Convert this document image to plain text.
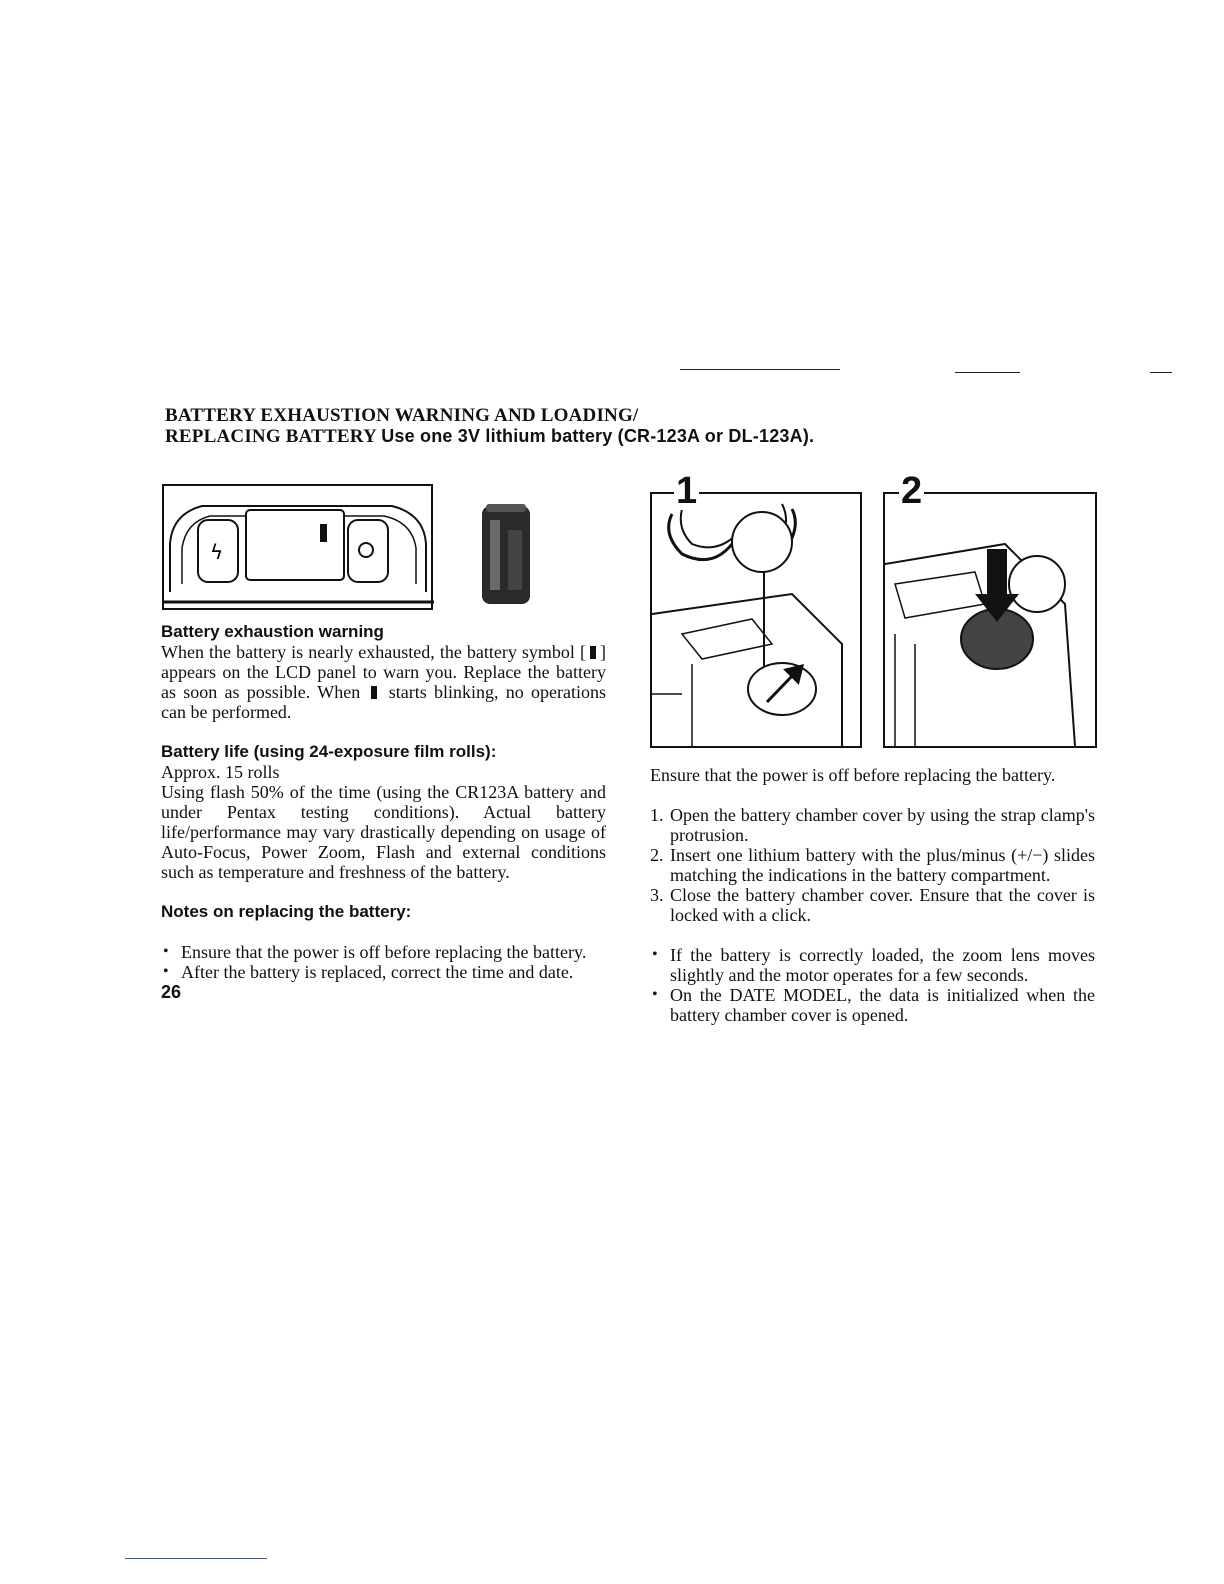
BATTERY EXHAUSTION WARNING AND LOADING/
REPLACING BATTERY Use one 3V lithium battery (CR-123A or DL-123A).
ϟ

Battery exhaustion warning

When the battery is nearly exhausted, the battery symbol [ ] appears on the LCD panel to warn you. Replace the battery as soon as possible. When starts blinking, no operations can be performed.

Battery life (using 24-exposure film rolls):

Approx. 15 rolls

Using flash 50% of the time (using the CR123A battery and under Pentax testing conditions). Actual battery life/performance may vary drastically depending on usage of Auto-Focus, Power Zoom, Flash and external conditions such as temperature and freshness of the battery.

Notes on replacing the battery:

• Ensure that the power is off before replacing the battery.
• After the battery is replaced, correct the time and date.

26

1	2

Ensure that the power is off before replacing the battery.

1. Open the battery chamber cover by using the strap clamp's protrusion.
2. Insert one lithium battery with the plus/minus (+/−) slides matching the indications in the battery compartment.
3. Close the battery chamber cover. Ensure that the cover is locked with a click.
• If the battery is correctly loaded, the zoom lens moves slightly and the motor operates for a few seconds.
• On the DATE MODEL, the data is initialized when the battery chamber cover is opened.
